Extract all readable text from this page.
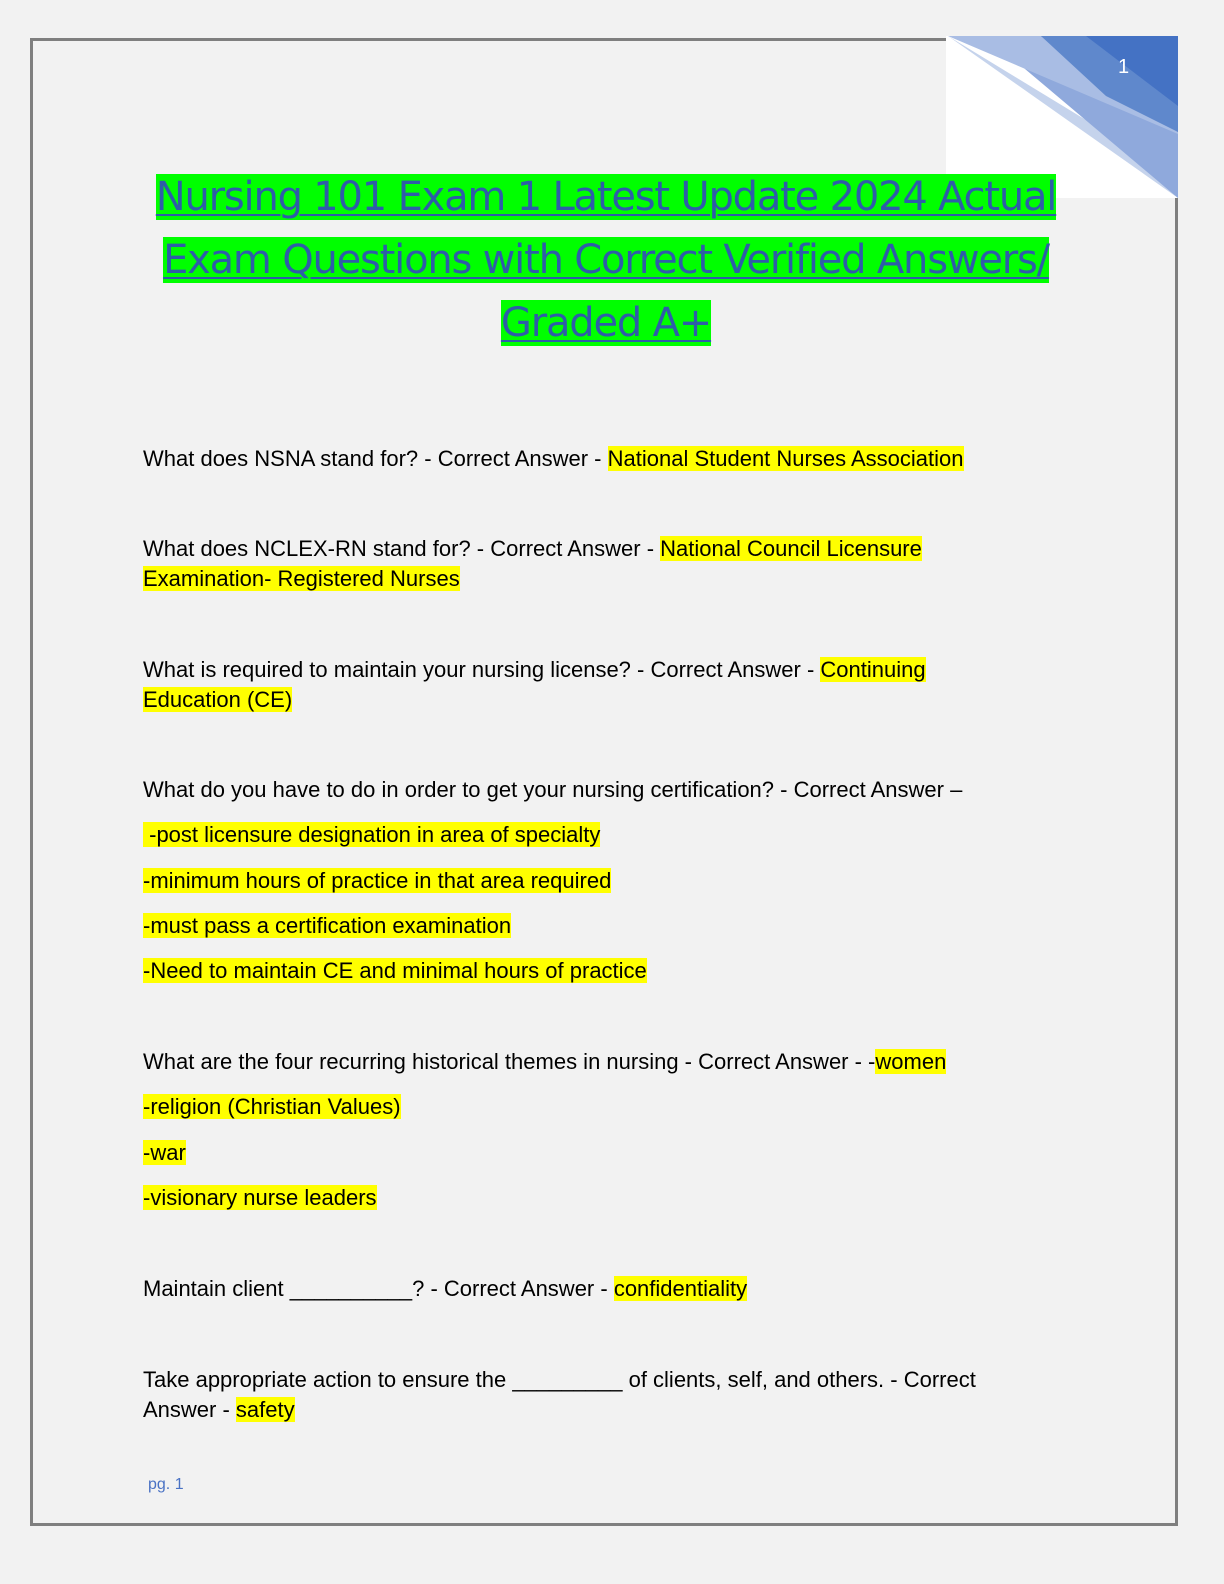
1
Nursing 101 Exam 1 Latest Update 2024 Actual
Exam Questions with Correct Verified Answers/
Graded A+

What does NSNA stand for? - Correct Answer - National Student Nurses Association

What does NCLEX-RN stand for? - Correct Answer - National Council Licensure
Examination- Registered Nurses

What is required to maintain your nursing license? - Correct Answer - Continuing
Education (CE)

What do you have to do in order to get your nursing certification? - Correct Answer –

-post licensure designation in area of specialty

-minimum hours of practice in that area required

-must pass a certification examination

-Need to maintain CE and minimal hours of practice

What are the four recurring historical themes in nursing - Correct Answer - -women

-religion (Christian Values)

-war

-visionary nurse leaders

Maintain client __________? - Correct Answer - confidentiality

Take appropriate action to ensure the _________ of clients, self, and others. - Correct
Answer - safety

pg. 1
